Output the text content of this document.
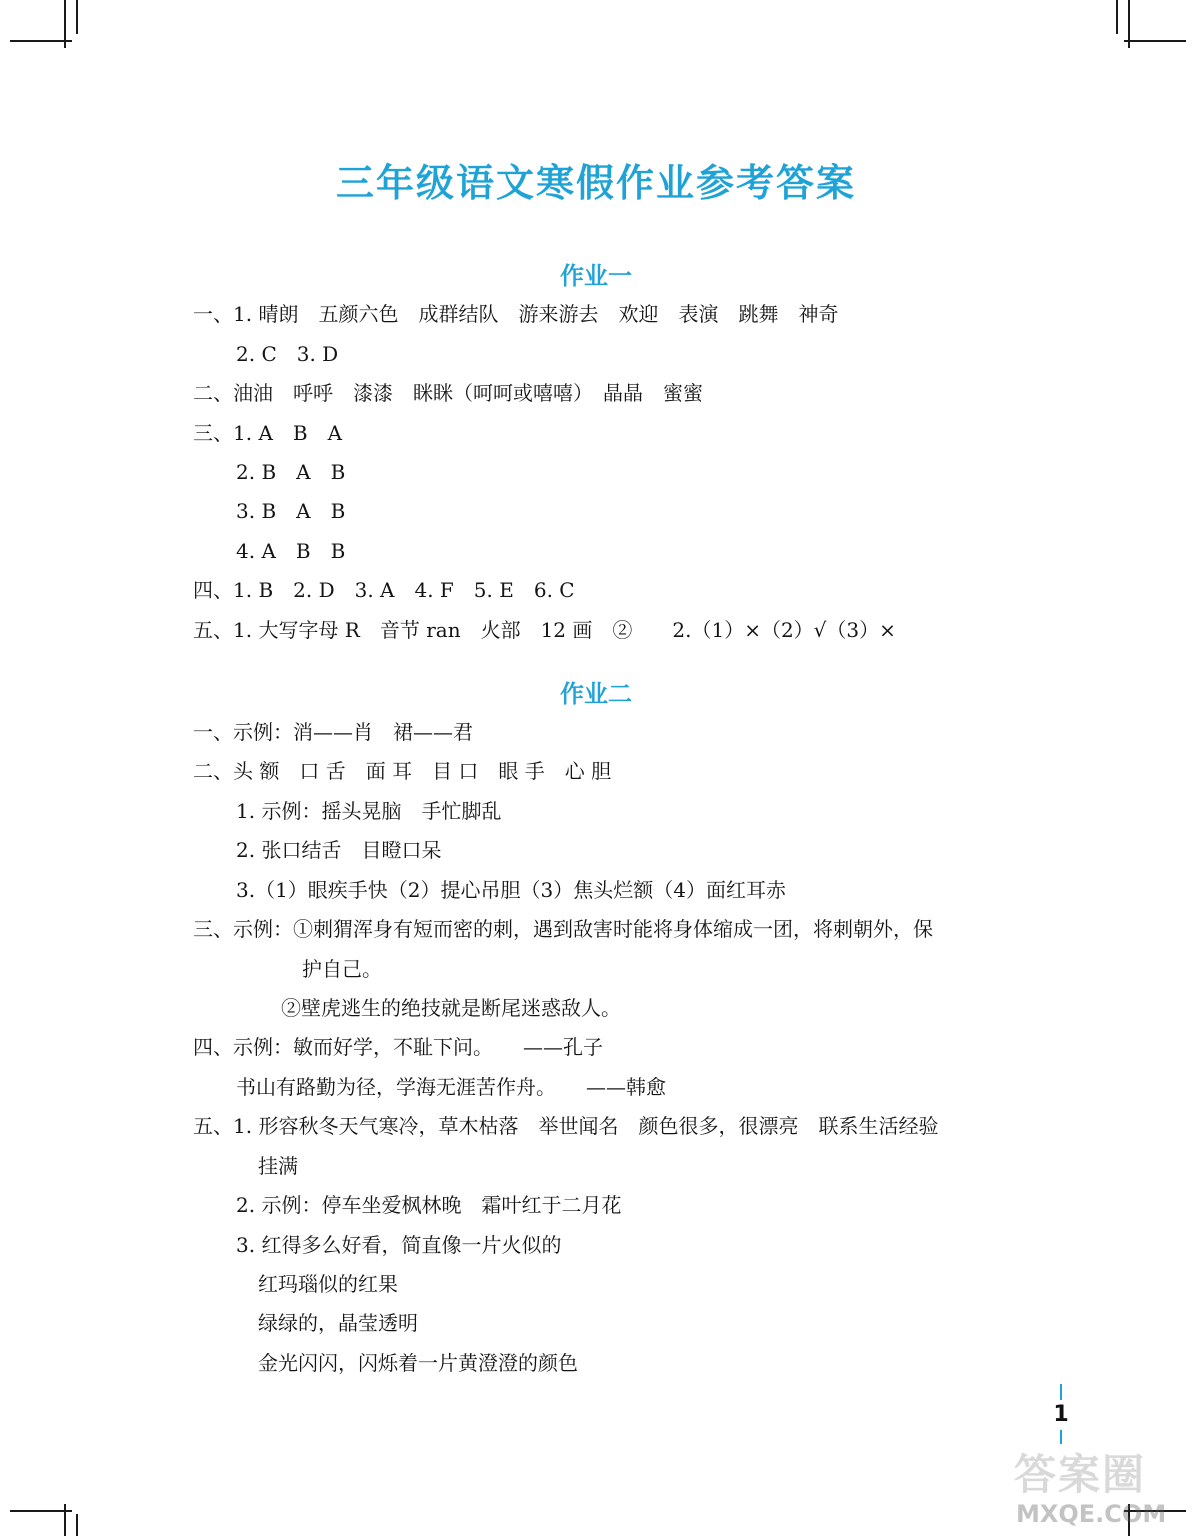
三年级语文寒假作业参考答案
作业一
一、1. 晴朗　五颜六色　成群结队　游来游去　欢迎　表演　跳舞　神奇
2. C　3. D
二、油油　呼呼　漆漆　眯眯（呵呵或嘻嘻）　晶晶　蜜蜜
三、1. A　B　A
2. B　A　B
3. B　A　B
4. A　B　B
四、1. B　2. D　3. A　4. F　5. E　6. C
五、1. 大写字母 R　音节 ran　火部　12 画　②　　2.（1）×（2）√（3）×
作业二
一、示例：消——肖　裙——君
二、头 额　口 舌　面 耳　目 口　眼 手　心 胆
1. 示例：摇头晃脑　手忙脚乱
2. 张口结舌　目瞪口呆
3.（1）眼疾手快（2）提心吊胆（3）焦头烂额（4）面红耳赤
三、示例：①刺猬浑身有短而密的刺，遇到敌害时能将身体缩成一团，将刺朝外，保
护自己。
②壁虎逃生的绝技就是断尾迷惑敌人。
四、示例：敏而好学，不耻下问。　　——孔子
书山有路勤为径，学海无涯苦作舟。　　——韩愈
五、1. 形容秋冬天气寒冷，草木枯落　举世闻名　颜色很多，很漂亮　联系生活经验
挂满
2. 示例：停车坐爱枫林晚　霜叶红于二月花
3. 红得多么好看，简直像一片火似的
红玛瑙似的红果
绿绿的，晶莹透明
金光闪闪，闪烁着一片黄澄澄的颜色
1
答案圈
MXQE.COM
